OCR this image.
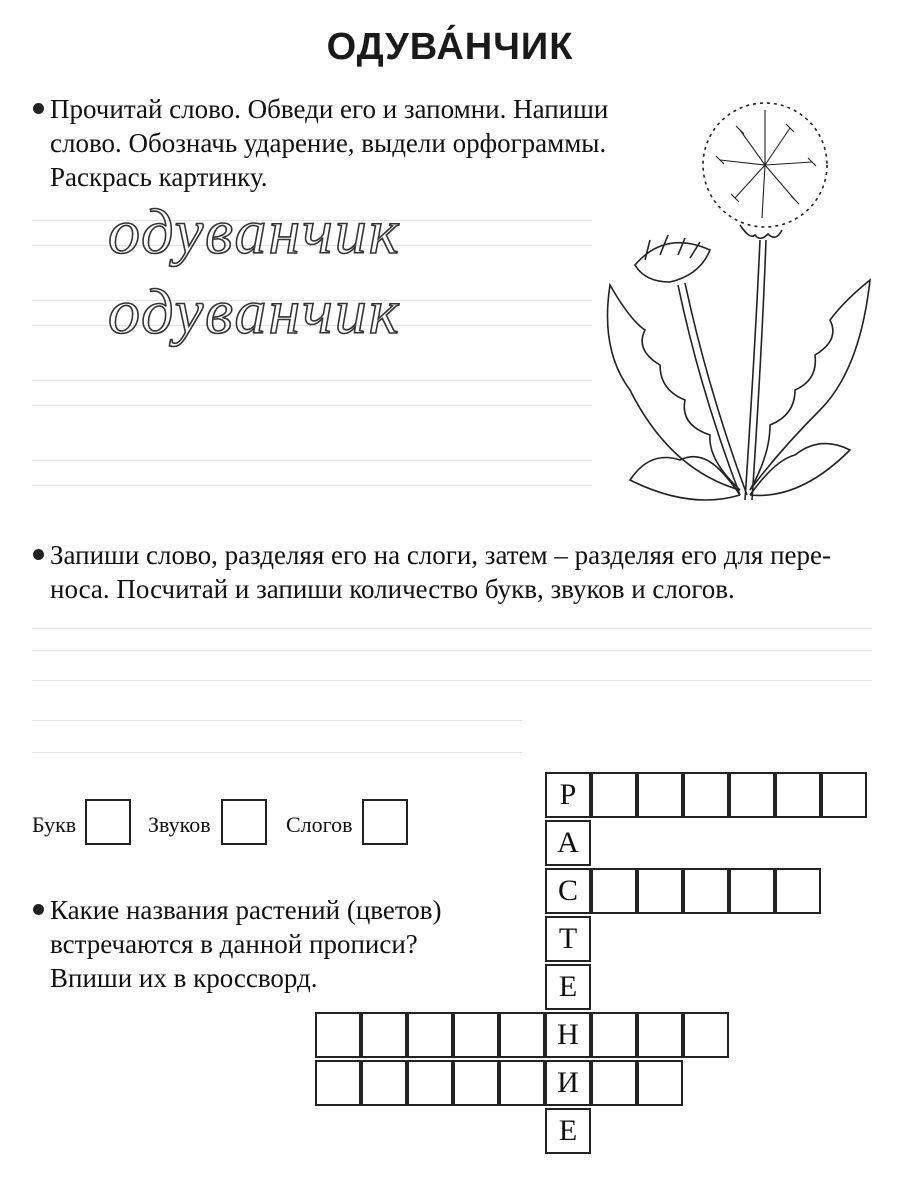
ОДУВА́НЧИК
Прочитай слово. Обведи его и запомни. Напиши
слово. Обозначь ударение, выдели орфограммы.
Раскрась картинку.
одуванчик
одуванчик
Запиши слово, разделяя его на слоги, затем – разделяя его для пере-
носа. Посчитай и запиши количество букв, звуков и слогов.
Букв	Звуков	Слогов
Какие названия растений (цветов)
встречаются в данной прописи?
Впиши их в кроссворд.
Р
А
С
Т
Е
Н
И
Е
